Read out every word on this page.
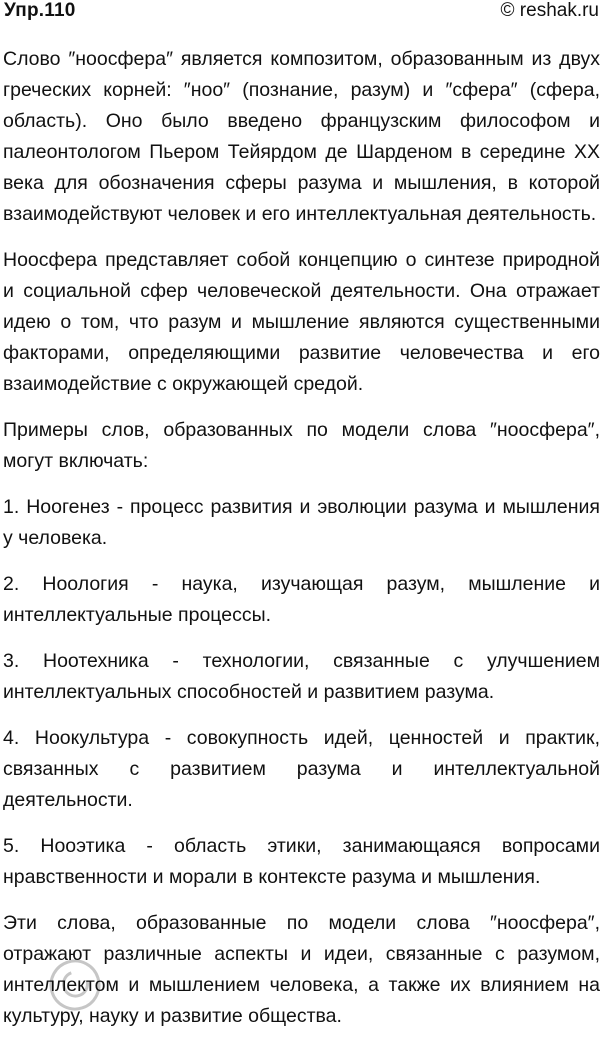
Упр.110	© reshak.ru

Слово ″ноосфера″ является композитом, образованным из двух греческих корней: ″ноо″ (познание, разум) и ″сфера″ (сфера, область). Оно было введено французским философом и палеонтологом Пьером Тейярдом де Шарденом в середине XX века для обозначения сферы разума и мышления, в которой взаимодействуют человек и его интеллектуальная деятельность.

Ноосфера представляет собой концепцию о синтезе природной и социальной сфер человеческой деятельности. Она отражает идею о том, что разум и мышление являются существенными факторами, определяющими развитие человечества и его взаимодействие с окружающей средой.

Примеры слов, образованных по модели слова ″ноосфера″, могут включать:

1. Ноогенез - процесс развития и эволюции разума и мышления у человека.

2. Ноология - наука, изучающая разум, мышление и интеллектуальные процессы.

3. Ноотехника - технологии, связанные с улучшением интеллектуальных способностей и развитием разума.

4. Ноокультура - совокупность идей, ценностей и практик, связанных с развитием разума и интеллектуальной деятельности.

5. Нооэтика - область этики, занимающаяся вопросами нравственности и морали в контексте разума и мышления.

Эти слова, образованные по модели слова ″ноосфера″, отражают различные аспекты и идеи, связанные с разумом, интеллектом и мышлением человека, а также их влиянием на культуру, науку и развитие общества.
